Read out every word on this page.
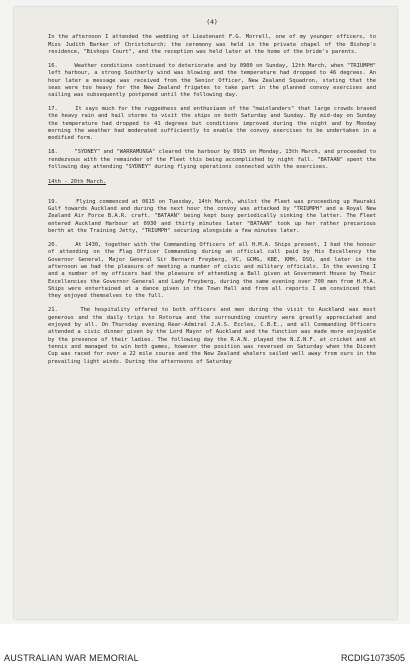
(4)
In the afternoon I attended the wedding of Lieutenant F.G. Morrell, one of my younger officers, to Miss Judith Barker of Christchurch; the ceremony was held in the private chapel of the Bishop's residence, "Bishops Court", and the reception was held later at the home of the bride's parents.
16.	Weather conditions continued to deteriorate and by 0900 on Sunday, 12th March, when "TRIUMPH" left harbour, a strong Southerly wind was blowing and the temperature had dropped to 46 degrees. An hour later a message was received from the Senior Officer, New Zealand Squadron, stating that the seas were too heavy for the New Zealand frigates to take part in the planned convoy exercises and sailing was subsequently postponed until the following day.
17.	It says much for the ruggedness and enthusiasm of the "mainlanders" that large crowds braved the heavy rain and hail storms to visit the ships on both Saturday and Sunday. By mid-day on Sunday the temperature had dropped to 41 degrees but conditions improved during the night and by Monday morning the weather had moderated sufficiently to enable the convoy exercises to be undertaken in a modified form.
18.	"SYDNEY" and "WARRAMUNGA" cleared the harbour by 0915 on Monday, 13th March, and proceeded to rendezvous with the remainder of the Fleet this being accomplished by night fall. "BATAAN" spent the following day attending "SYDNEY" during flying operations connected with the exercises.
14th - 20th March.
19.	Flying commenced at 0615 on Tuesday, 14th March, whilst the Fleet was proceeding up Hauraki Gulf towards Auckland and during the next hour the convoy was attacked by "TRIUMPH" and a Royal New Zealand Air Force B.A.R. craft. "BATAAN" being kept busy periodically sinking the latter. The Fleet entered Auckland Harbour at 0930 and thirty minutes later "BATAAN" took up her rather precarious berth at the Training Jetty, "TRIUMPH" securing alongside a few minutes later.
20.	At 1430, together with the Commanding Officers of all H.M.A. Ships present, I had the honour of attending on the Flag Officer Commanding during an official call paid by His Excellency the Governor General, Major General Sir Bernard Freyberg, VC, GCMG, KBE, KMH, DSO, and later in the afternoon we had the pleasure of meeting a number of civic and military officials. In the evening I and a number of my officers had the pleasure of attending a Ball given at Government House by Their Excellencies the Governor General and Lady Freyberg, during the same evening over 700 men from H.M.A. Ships were entertained at a dance given in the Town Hall and from all reports I am convinced that they enjoyed themselves to the full.
21.	The hospitality offered to both officers and men during the visit to Auckland was most generous and the daily trips to Rotorua and the surrounding country were greatly appreciated and enjoyed by all. On Thursday evening Rear-Admiral J.A.S. Eccles, C.B.E., and all Commanding Officers attended a civic dinner given by the Lord Mayor of Auckland and the function was made more enjoyable by the presence of their ladies. The following day the R.A.N. played the N.Z.N.F. at cricket and at tennis and managed to win both games, however the position was reversed on Saturday when the Dicent Cup was raced for over a 22 mile course and the New Zealand whalers sailed well away from ours in the prevailing light winds. During the afternoons of Saturday
AUSTRALIAN WAR MEMORIAL	RCDIG1073505
